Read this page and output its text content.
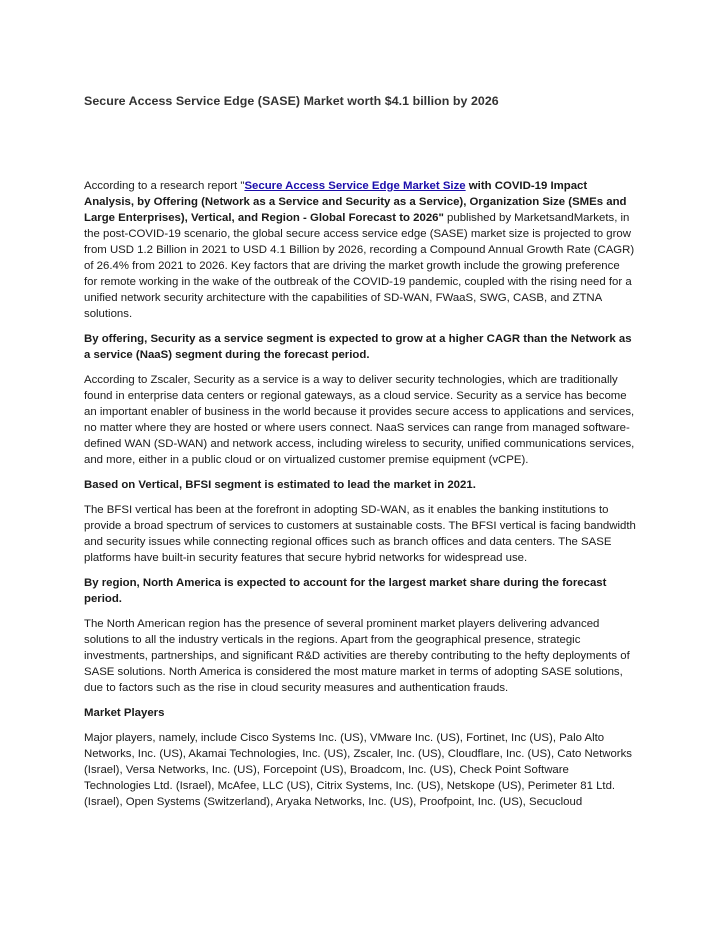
Secure Access Service Edge (SASE) Market worth $4.1 billion by 2026

According to a research report "Secure Access Service Edge Market Size with COVID-19 Impact Analysis, by Offering (Network as a Service and Security as a Service), Organization Size (SMEs and Large Enterprises), Vertical, and Region - Global Forecast to 2026" published by MarketsandMarkets, in the post-COVID-19 scenario, the global secure access service edge (SASE) market size is projected to grow from USD 1.2 Billion in 2021 to USD 4.1 Billion by 2026, recording a Compound Annual Growth Rate (CAGR) of 26.4% from 2021 to 2026. Key factors that are driving the market growth include the growing preference for remote working in the wake of the outbreak of the COVID-19 pandemic, coupled with the rising need for a unified network security architecture with the capabilities of SD-WAN, FWaaS, SWG, CASB, and ZTNA solutions.

By offering, Security as a service segment is expected to grow at a higher CAGR than the Network as a service (NaaS) segment during the forecast period.

According to Zscaler, Security as a service is a way to deliver security technologies, which are traditionally found in enterprise data centers or regional gateways, as a cloud service. Security as a service has become an important enabler of business in the world because it provides secure access to applications and services, no matter where they are hosted or where users connect. NaaS services can range from managed software-defined WAN (SD-WAN) and network access, including wireless to security, unified communications services, and more, either in a public cloud or on virtualized customer premise equipment (vCPE).

Based on Vertical, BFSI segment is estimated to lead the market in 2021.

The BFSI vertical has been at the forefront in adopting SD-WAN, as it enables the banking institutions to provide a broad spectrum of services to customers at sustainable costs. The BFSI vertical is facing bandwidth and security issues while connecting regional offices such as branch offices and data centers. The SASE platforms have built-in security features that secure hybrid networks for widespread use.

By region, North America is expected to account for the largest market share during the forecast period.

The North American region has the presence of several prominent market players delivering advanced solutions to all the industry verticals in the regions. Apart from the geographical presence, strategic investments, partnerships, and significant R&D activities are thereby contributing to the hefty deployments of SASE solutions. North America is considered the most mature market in terms of adopting SASE solutions, due to factors such as the rise in cloud security measures and authentication frauds.

Market Players

Major players, namely, include Cisco Systems Inc. (US), VMware Inc. (US), Fortinet, Inc (US), Palo Alto Networks, Inc. (US), Akamai Technologies, Inc. (US), Zscaler, Inc. (US), Cloudflare, Inc. (US), Cato Networks (Israel), Versa Networks, Inc. (US), Forcepoint (US), Broadcom, Inc. (US), Check Point Software Technologies Ltd. (Israel), McAfee, LLC (US), Citrix Systems, Inc. (US), Netskope (US), Perimeter 81 Ltd. (Israel), Open Systems (Switzerland), Aryaka Networks, Inc. (US), Proofpoint, Inc. (US), Secucloud
